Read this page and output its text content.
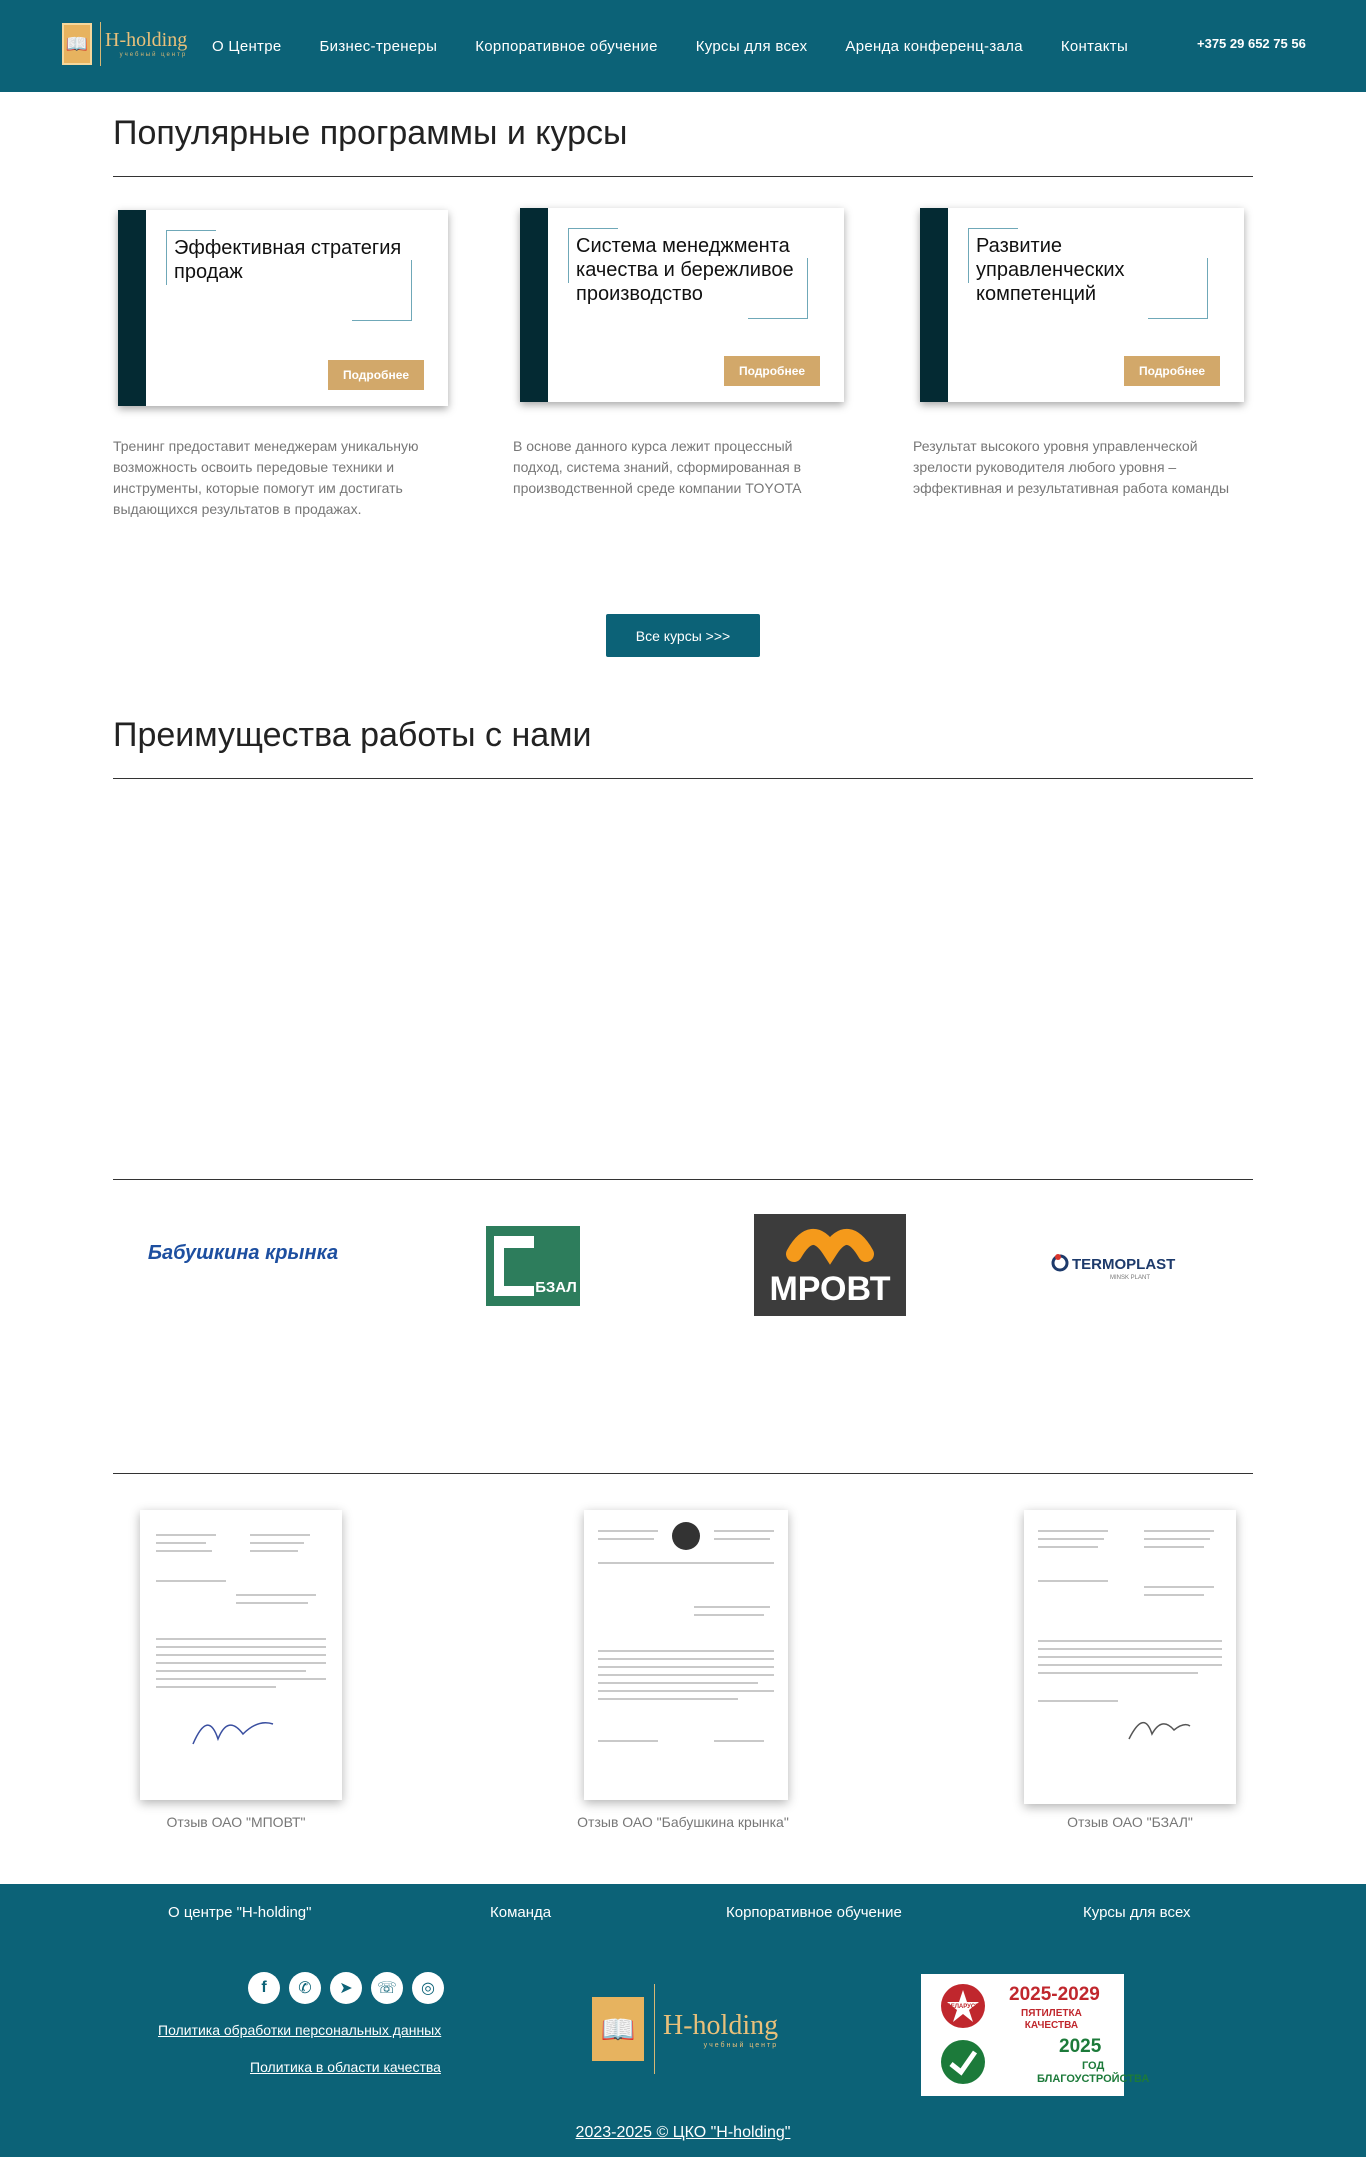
📖 H-holding
учебный центр
О Центре	Бизнес-тренеры	Корпоративное обучение	Курсы для всех	Аренда конференц-зала	Контакты	+375 29 652 75 56
Популярные программы и курсы
Эффективная стратегия продаж
Подробнее
Тренинг предоставит менеджерам уникальную возможность освоить передовые техники и инструменты, которые помогут им достигать выдающихся результатов в продажах.
Система менеджмента качества и бережливое производство
Подробнее
В основе данного курса лежит процессный подход, система знаний, сформированная в производственной среде компании TOYOTA
Развитие управленческих компетенций
Подробнее
Результат высокого уровня управленческой зрелости руководителя любого уровня – эффективная и результативная работа команды
Все курсы >>>
Преимущества работы с нами
Бабушкина крынка
БЗАЛ	МРОВТ
TERMOPLAST
MINSK PLANT
Отзыв ОАО "МПОВТ"	Отзыв ОАО "Бабушкина крынка"	Отзыв ОАО "БЗАЛ"
О центре "H-holding"	Команда	Корпоративное обучение	Курсы для всех
f	✆	➤	☏	◎
Политика обработки персональных данных
Политика в области качества
📖 H-holding
учебный центр
БЕЛАРУСЬ
2025-2029
ПЯТИЛЕТКА
КАЧЕСТВА
2025
ГОД
БЛАГОУСТРОЙСТВА
2023-2025 © ЦКО "H-holding"
